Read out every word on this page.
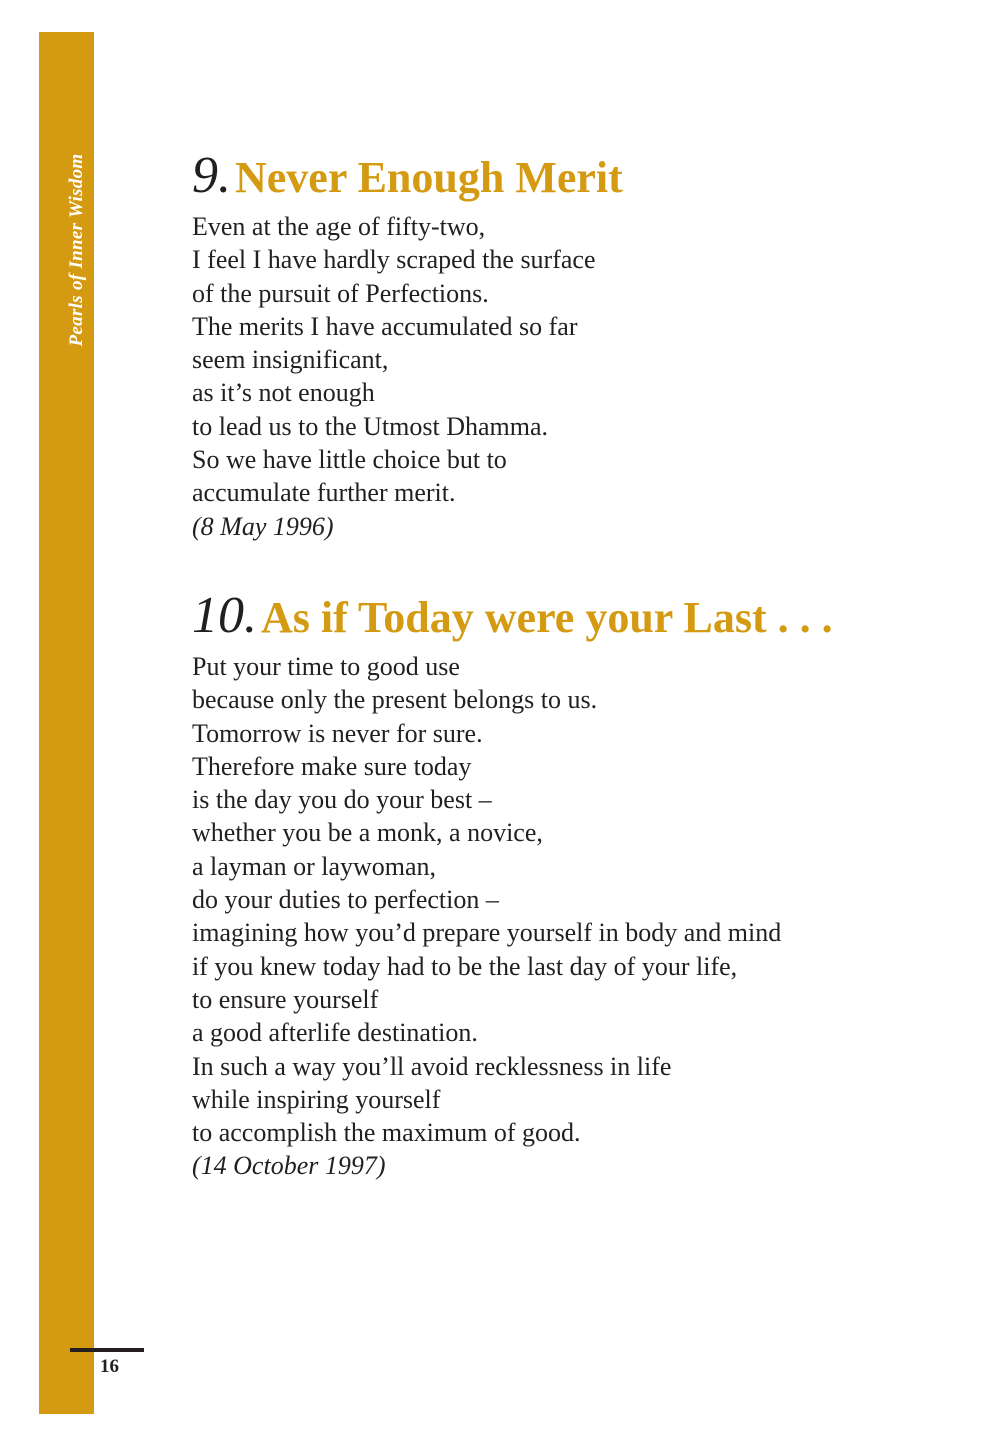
Pearls of Inner Wisdom 9. Never Enough Merit
Even at the age of fifty-two,
I feel I have hardly scraped the surface
of the pursuit of Perfections.
The merits I have accumulated so far
seem insignificant,
as it’s not enough
to lead us to the Utmost Dhamma.
So we have little choice but to
accumulate further merit.
(8 May 1996)
10. As if Today were your Last . . .
Put your time to good use
because only the present belongs to us.
Tomorrow is never for sure.
Therefore make sure today
is the day you do your best –
whether you be a monk, a novice,
a layman or laywoman,
do your duties to perfection –
imagining how you’d prepare yourself in body and mind
if you knew today had to be the last day of your life,
to ensure yourself
a good afterlife destination.
In such a way you’ll avoid recklessness in life
while inspiring yourself
to accomplish the maximum of good.
(14 October 1997)
16
